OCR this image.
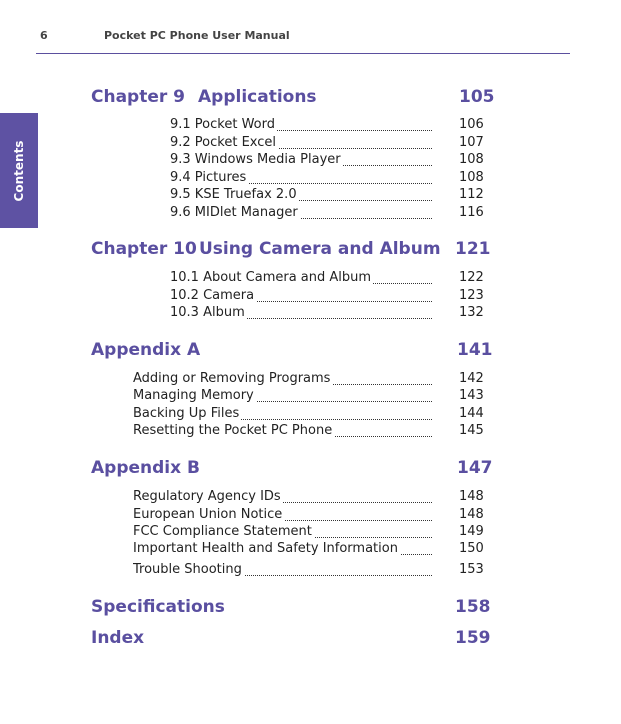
6	Pocket PC Phone User Manual
Contents
Chapter 9 Applications	105
9.1 Pocket Word	106
9.2 Pocket Excel	107
9.3 Windows Media Player	108
9.4 Pictures	108
9.5 KSE Truefax 2.0	112
9.6 MIDlet Manager	116
Chapter 10 Using Camera and Album 121
10.1 About Camera and Album	122
10.2 Camera	123
10.3 Album	132
Appendix A	141
Adding or Removing Programs	142
Managing Memory	143
Backing Up Files	144
Resetting the Pocket PC Phone	145
Appendix B	147
Regulatory Agency IDs	148
European Union Notice	148
FCC Compliance Statement	149
Important Health and Safety Information	150
Trouble Shooting	153
Specifications	158
Index	159
